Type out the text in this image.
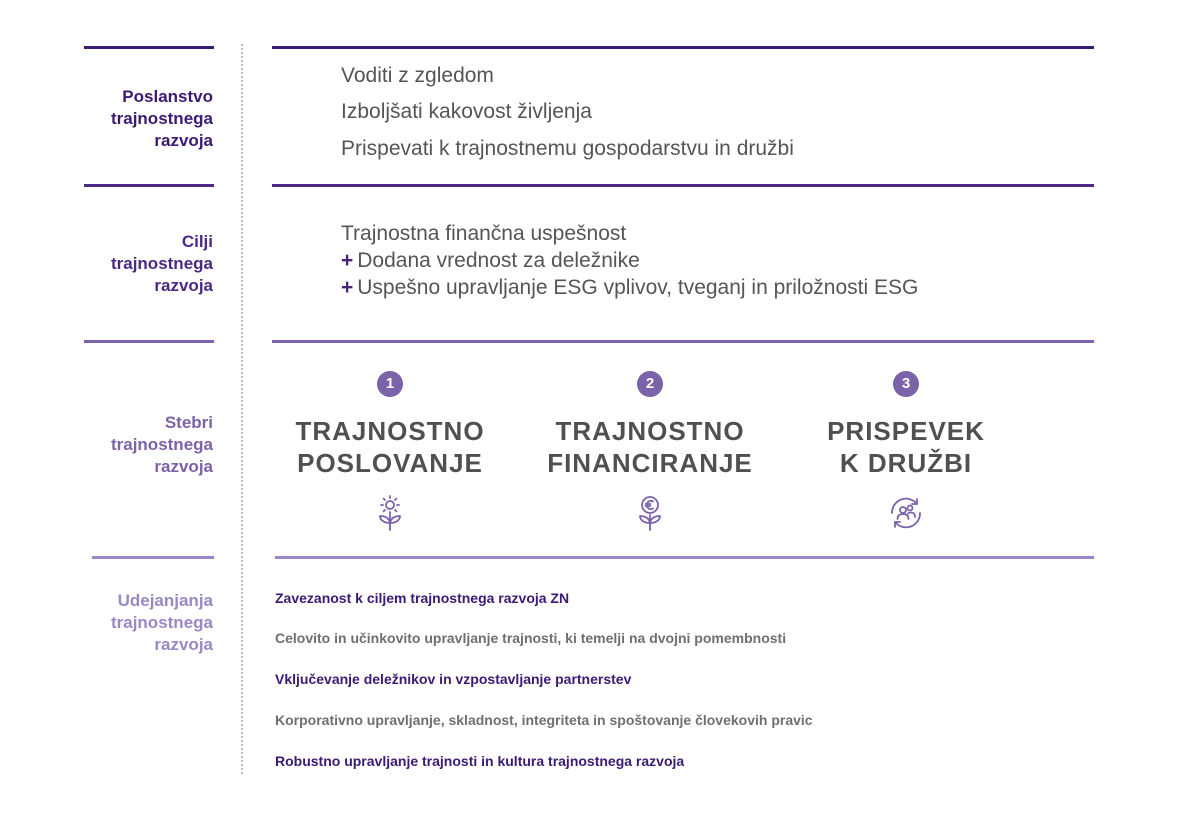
Poslanstvo
trajnostnega
razvoja
Cilji
trajnostnega
razvoja
Stebri
trajnostnega
razvoja
Udejanjanja
trajnostnega
razvoja
Voditi z zgledom
Izboljšati kakovost življenja
Prispevati k trajnostnemu gospodarstvu in družbi
Trajnostna finančna uspešnost
+ Dodana vrednost za deležnike
+ Uspešno upravljanje ESG vplivov, tveganj in priložnosti ESG
1
TRAJNOSTNO
POSLOVANJE
2
TRAJNOSTNO
FINANCIRANJE
3
PRISPEVEK
K DRUŽBI
Zavezanost k ciljem trajnostnega razvoja ZN
Celovito in učinkovito upravljanje trajnosti, ki temelji na dvojni pomembnosti
Vključevanje deležnikov in vzpostavljanje partnerstev
Korporativno upravljanje, skladnost, integriteta in spoštovanje človekovih pravic
Robustno upravljanje trajnosti in kultura trajnostnega razvoja
